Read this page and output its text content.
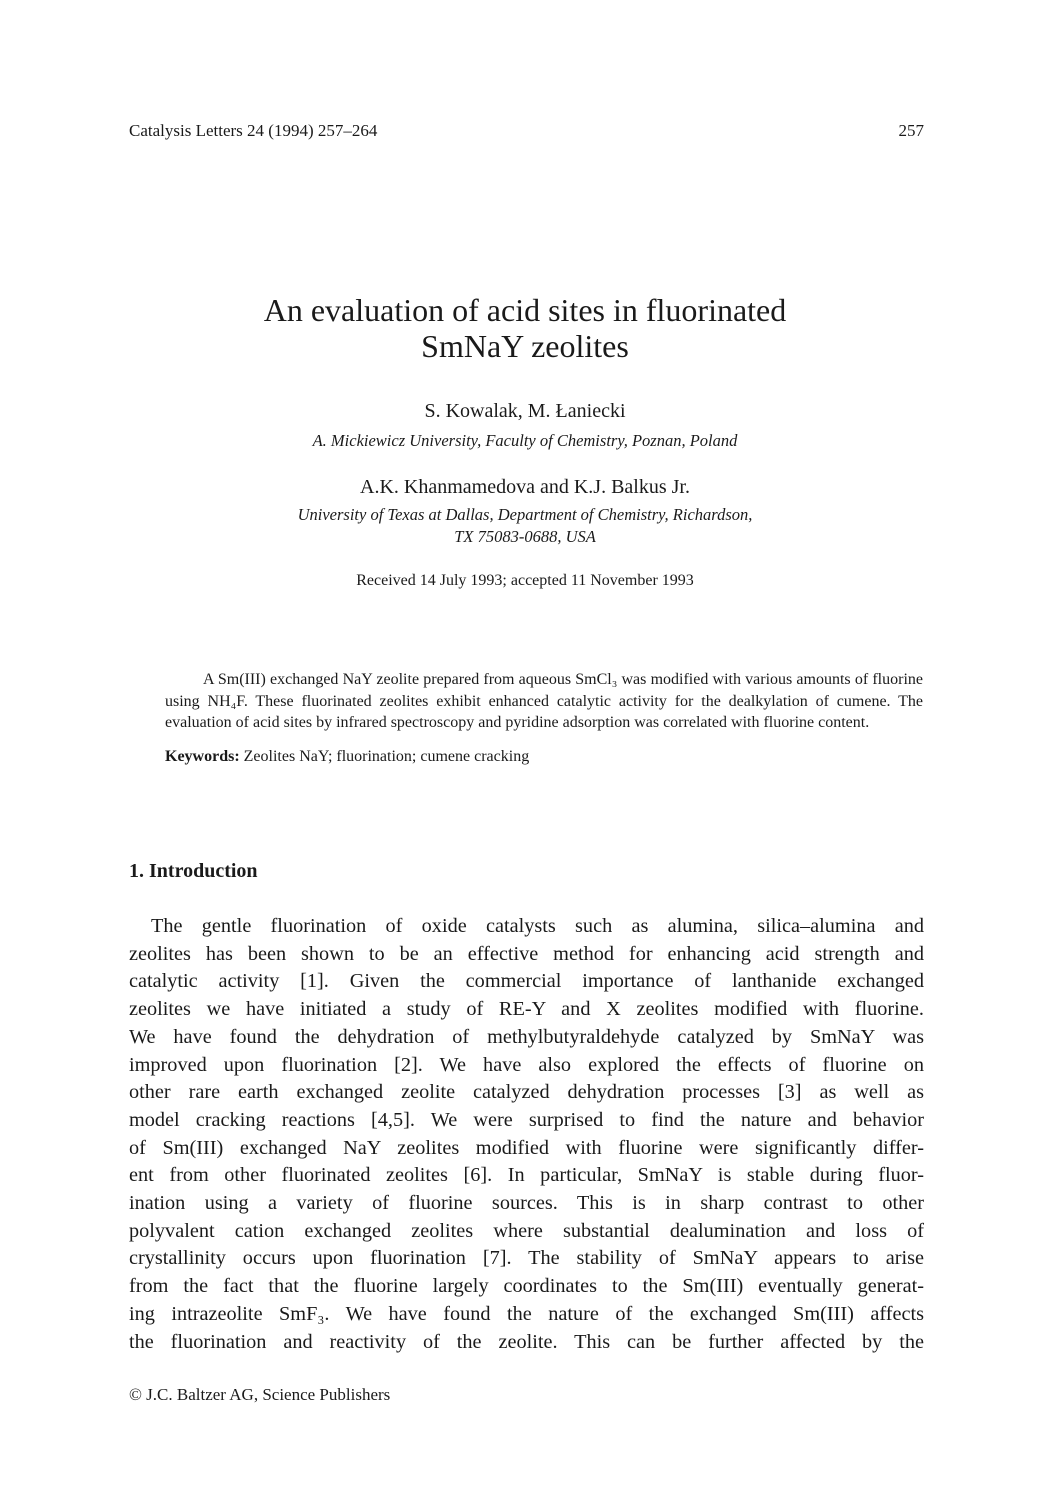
Catalysis Letters 24 (1994) 257–264	257
An evaluation of acid sites in fluorinated
SmNaY zeolites
S. Kowalak, M. Łaniecki
A. Mickiewicz University, Faculty of Chemistry, Poznan, Poland
A.K. Khanmamedova and K.J. Balkus Jr.
University of Texas at Dallas, Department of Chemistry, Richardson,
TX 75083-0688, USA
Received 14 July 1993; accepted 11 November 1993

A Sm(III) exchanged NaY zeolite prepared from aqueous SmCl₃ was modified with various amounts of fluorine using NH₄F. These fluorinated zeolites exhibit enhanced catalytic activity for the dealkylation of cumene. The evaluation of acid sites by infrared spectroscopy and pyridine adsorption was correlated with fluorine content.

Keywords: Zeolites NaY; fluorination; cumene cracking
1. Introduction
The gentle fluorination of oxide catalysts such as alumina, silica–alumina and
zeolites has been shown to be an effective method for enhancing acid strength and
catalytic activity [1]. Given the commercial importance of lanthanide exchanged
zeolites we have initiated a study of RE-Y and X zeolites modified with fluorine.
We have found the dehydration of methylbutyraldehyde catalyzed by SmNaY was
improved upon fluorination [2]. We have also explored the effects of fluorine on
other rare earth exchanged zeolite catalyzed dehydration processes [3] as well as
model cracking reactions [4,5]. We were surprised to find the nature and behavior
of Sm(III) exchanged NaY zeolites modified with fluorine were significantly differ-
ent from other fluorinated zeolites [6]. In particular, SmNaY is stable during fluor-
ination using a variety of fluorine sources. This is in sharp contrast to other
polyvalent cation exchanged zeolites where substantial dealumination and loss of
crystallinity occurs upon fluorination [7]. The stability of SmNaY appears to arise
from the fact that the fluorine largely coordinates to the Sm(III) eventually generat-
ing intrazeolite SmF₃. We have found the nature of the exchanged Sm(III) affects
the fluorination and reactivity of the zeolite. This can be further affected by the
© J.C. Baltzer AG, Science Publishers
